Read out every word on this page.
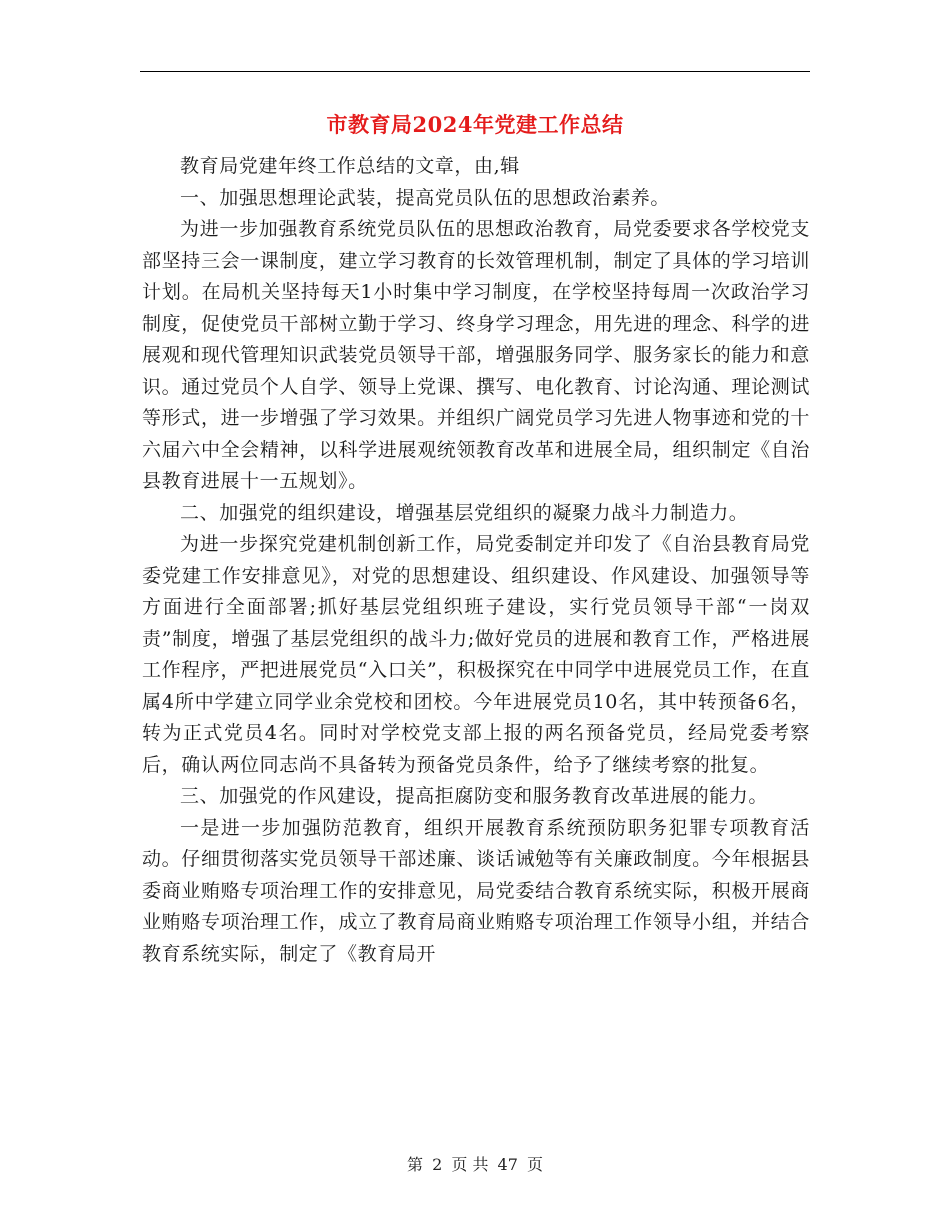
市教育局2024年党建工作总结

教育局党建年终工作总结的文章，由,辑

一、加强思想理论武装，提高党员队伍的思想政治素养。

为进一步加强教育系统党员队伍的思想政治教育，局党委要求各学校党支部坚持三会一课制度，建立学习教育的长效管理机制，制定了具体的学习培训计划。在局机关坚持每天1小时集中学习制度，在学校坚持每周一次政治学习制度，促使党员干部树立勤于学习、终身学习理念，用先进的理念、科学的进展观和现代管理知识武装党员领导干部，增强服务同学、服务家长的能力和意识。通过党员个人自学、领导上党课、撰写、电化教育、讨论沟通、理论测试等形式，进一步增强了学习效果。并组织广阔党员学习先进人物事迹和党的十六届六中全会精神，以科学进展观统领教育改革和进展全局，组织制定《自治县教育进展十一五规划》。

二、加强党的组织建设，增强基层党组织的凝聚力战斗力制造力。

为进一步探究党建机制创新工作，局党委制定并印发了《自治县教育局党委党建工作安排意见》，对党的思想建设、组织建设、作风建设、加强领导等方面进行全面部署;抓好基层党组织班子建设，实行党员领导干部“一岗双责”制度，增强了基层党组织的战斗力;做好党员的进展和教育工作，严格进展工作程序，严把进展党员“入口关”，积极探究在中同学中进展党员工作，在直属4所中学建立同学业余党校和团校。今年进展党员10名，其中转预备6名，转为正式党员4名。同时对学校党支部上报的两名预备党员，经局党委考察后，确认两位同志尚不具备转为预备党员条件，给予了继续考察的批复。

三、加强党的作风建设，提高拒腐防变和服务教育改革进展的能力。

一是进一步加强防范教育，组织开展教育系统预防职务犯罪专项教育活动。仔细贯彻落实党员领导干部述廉、谈话诫勉等有关廉政制度。今年根据县委商业贿赂专项治理工作的安排意见，局党委结合教育系统实际，积极开展商业贿赂专项治理工作，成立了教育局商业贿赂专项治理工作领导小组，并结合教育系统实际，制定了《教育局开

第 2 页 共 47 页
